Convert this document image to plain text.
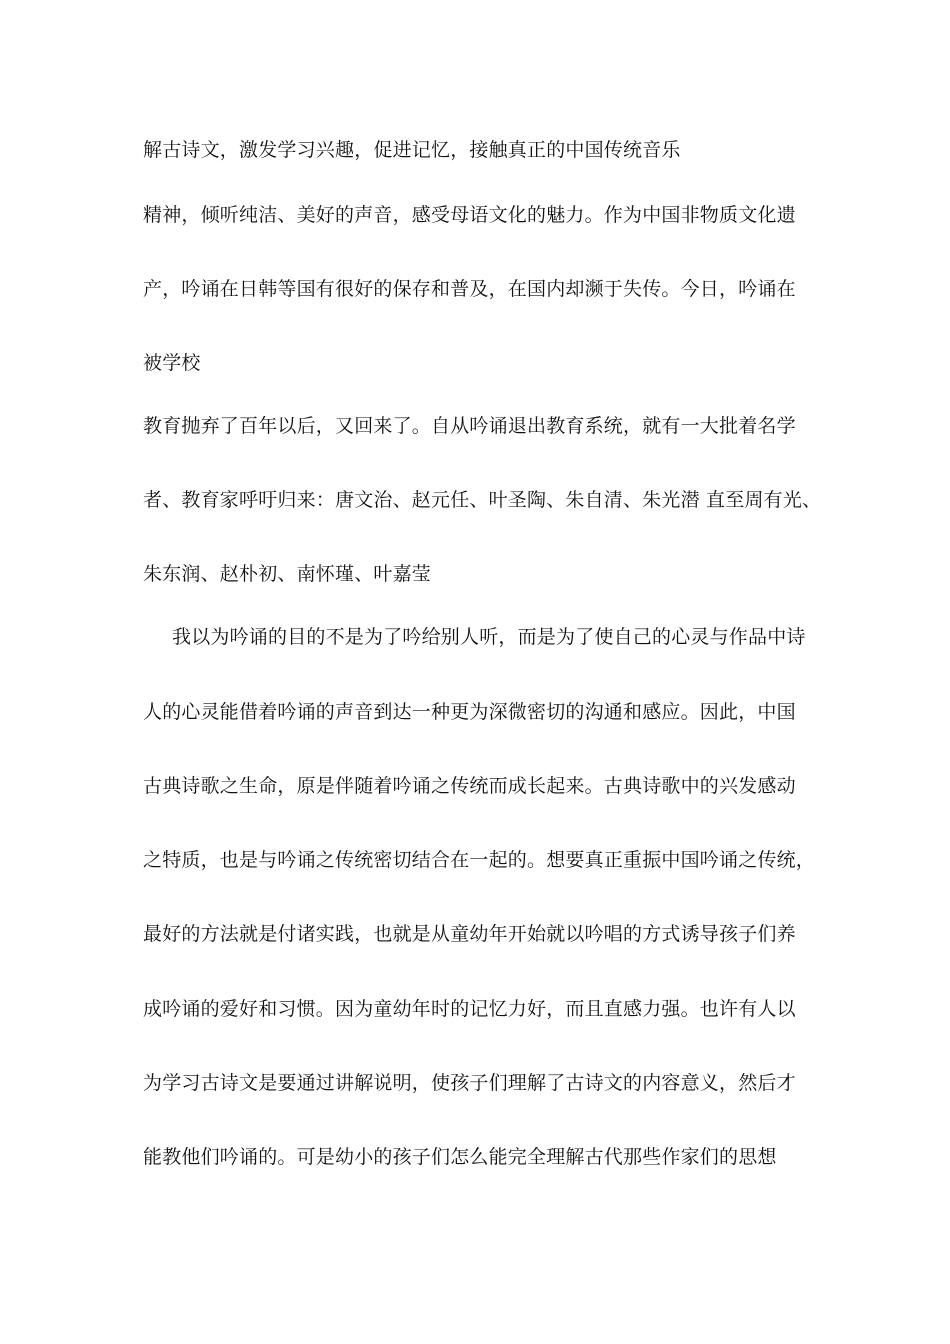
解古诗文，激发学习兴趣，促进记忆，接触真正的中国传统音乐
精神，倾听纯洁、美好的声音，感受母语文化的魅力。作为中国非物质文化遗
产，吟诵在日韩等国有很好的保存和普及，在国内却濒于失传。今日，吟诵在
被学校
教育抛弃了百年以后，又回来了。自从吟诵退出教育系统，就有一大批着名学
者、教育家呼吁归来：唐文治、赵元任、叶圣陶、朱自清、朱光潜 直至周有光、
朱东润、赵朴初、南怀瑾、叶嘉莹
我以为吟诵的目的不是为了吟给别人听，而是为了使自己的心灵与作品中诗
人的心灵能借着吟诵的声音到达一种更为深微密切的沟通和感应。因此，中国
古典诗歌之生命，原是伴随着吟诵之传统而成长起来。古典诗歌中的兴发感动
之特质，也是与吟诵之传统密切结合在一起的。想要真正重振中国吟诵之传统，
最好的方法就是付诸实践，也就是从童幼年开始就以吟唱的方式诱导孩子们养
成吟诵的爱好和习惯。因为童幼年时的记忆力好，而且直感力强。也许有人以
为学习古诗文是要通过讲解说明，使孩子们理解了古诗文的内容意义，然后才
能教他们吟诵的。可是幼小的孩子们怎么能完全理解古代那些作家们的思想
